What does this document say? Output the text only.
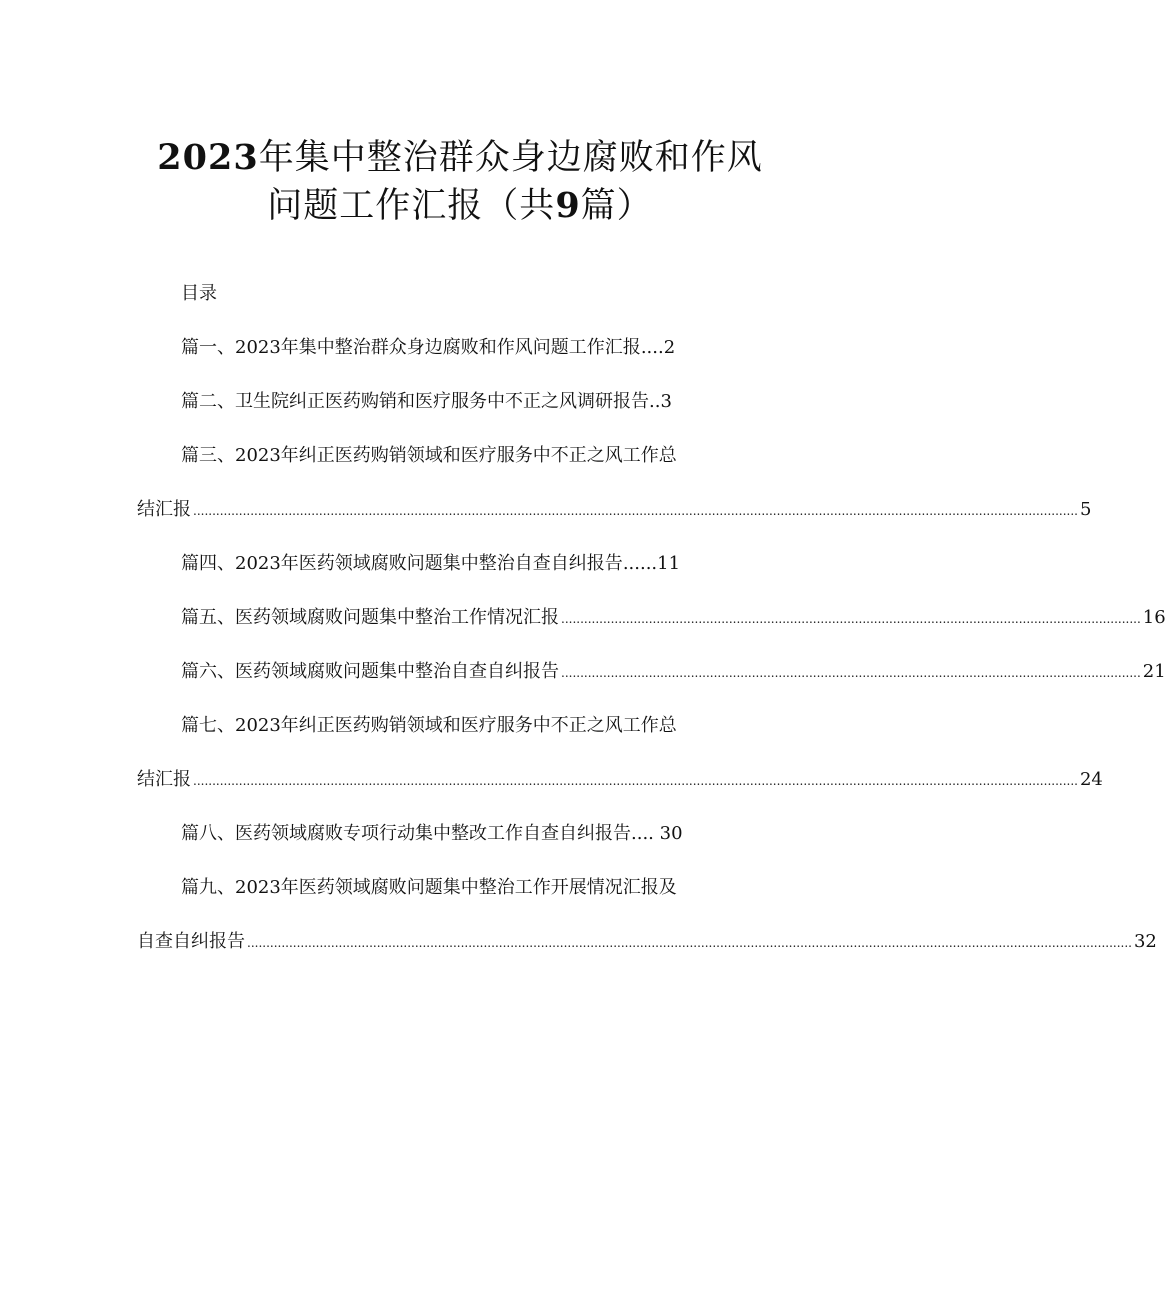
2023年集中整治群众身边腐败和作风
问题工作汇报（共9篇）
目录
篇一、2023年集中整治群众身边腐败和作风问题工作汇报....2
篇二、卫生院纠正医药购销和医疗服务中不正之风调研报告..3
篇三、2023年纠正医药购销领域和医疗服务中不正之风工作总
结汇报 ........................................................................................................................................................................................................................................ 5
篇四、2023年医药领域腐败问题集中整治自查自纠报告......11
篇五、医药领域腐败问题集中整治工作情况汇报 ........................................................................................................................................................ 16
篇六、医药领域腐败问题集中整治自查自纠报告 ........................................................................................................................................................ 21
篇七、2023年纠正医药购销领域和医疗服务中不正之风工作总
结汇报 ........................................................................................................................................................................................................................................ 24
篇八、医药领域腐败专项行动集中整改工作自查自纠报告.... 30
篇九、2023年医药领域腐败问题集中整治工作开展情况汇报及
自查自纠报告 ........................................................................................................................................................................................................................................ 32
